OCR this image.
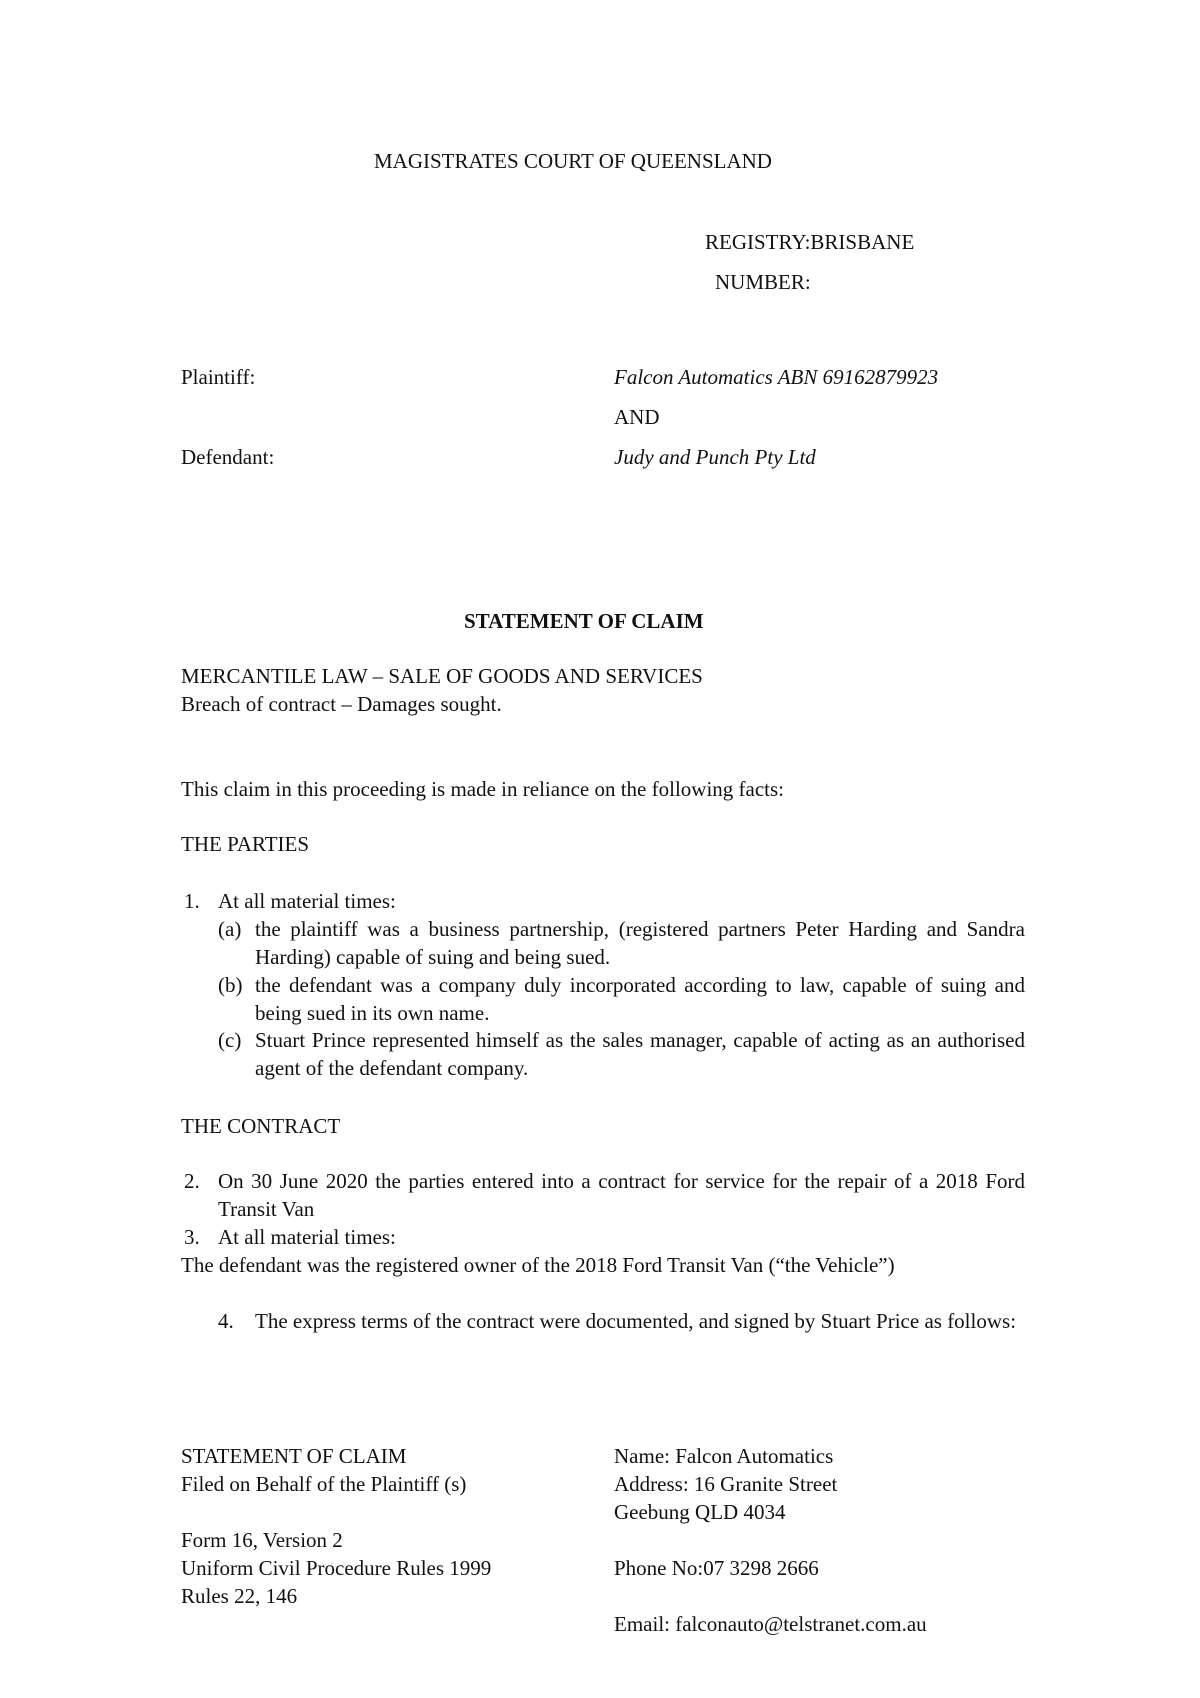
MAGISTRATES COURT OF QUEENSLAND
REGISTRY:BRISBANE
NUMBER:
Plaintiff:	Falcon Automatics ABN 69162879923
AND
Defendant:	Judy and Punch Pty Ltd
STATEMENT OF CLAIM
MERCANTILE LAW – SALE OF GOODS AND SERVICES
Breach of contract – Damages sought.
This claim in this proceeding is made in reliance on the following facts:
THE PARTIES
1. At all material times:
(a) the plaintiff was a business partnership, (registered partners Peter Harding and Sandra Harding) capable of suing and being sued.
(b) the defendant was a company duly incorporated according to law, capable of suing and being sued in its own name.
(c) Stuart Prince represented himself as the sales manager, capable of acting as an authorised agent of the defendant company.
THE CONTRACT
2. On 30 June 2020 the parties entered into a contract for service for the repair of a 2018 Ford Transit Van
3. At all material times:
The defendant was the registered owner of the 2018 Ford Transit Van (“the Vehicle”)
4. The express terms of the contract were documented, and signed by Stuart Price as follows:
STATEMENT OF CLAIM
Filed on Behalf of the Plaintiff (s)
Form 16, Version 2
Uniform Civil Procedure Rules 1999
Rules 22, 146
Name: Falcon Automatics
Address: 16 Granite Street
Geebung QLD 4034
Phone No:07 3298 2666
Email: falconauto@telstranet.com.au
